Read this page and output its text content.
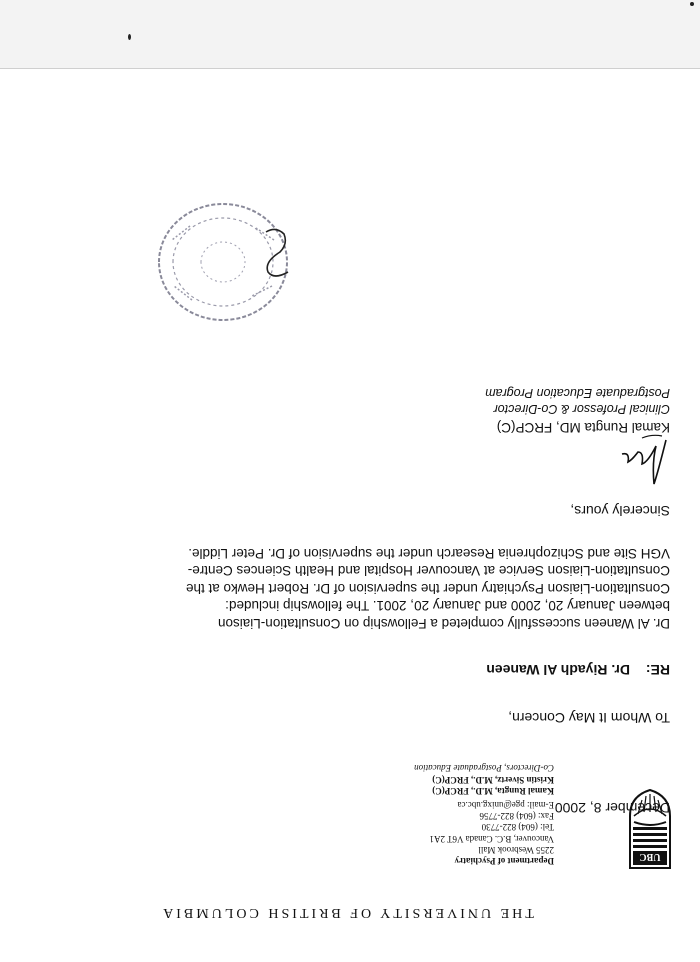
THE UNIVERSITY OF BRITISH COLUMBIA
UBC
Department of Psychiatry
2255 Wesbrook Mall
Vancouver, B.C. Canada V6T 2A1
Tel: (604) 822-7730
Fax: (604) 822-7756
E-mail: pge@unixg.ubc.ca
Kamal Rungta, M.D., FRCP(C)
Kristin Sivertz, M.D., FRCP(C)
Co-Directors, Postgraduate Education
December 8, 2000
To Whom It May Concern,
RE:Dr. Riyadh Al Waneen
Dr. Al Waneen successfully completed a Fellowship on Consultation-Liaison
between January 20, 2000 and January 20, 2001. The fellowship included:
Consultation-Liaison Psychiatry under the supervision of Dr. Robert Hewko at the
Consultation-Liaison Service at Vancouver Hospital and Health Sciences Centre-
VGH Site and Schizophrenia Research under the supervision of Dr. Peter Liddle.
Sincerely yours,
Kamal Rungta MD, FRCP(C)
Clinical Professor & Co-Director
Postgraduate Education Program
